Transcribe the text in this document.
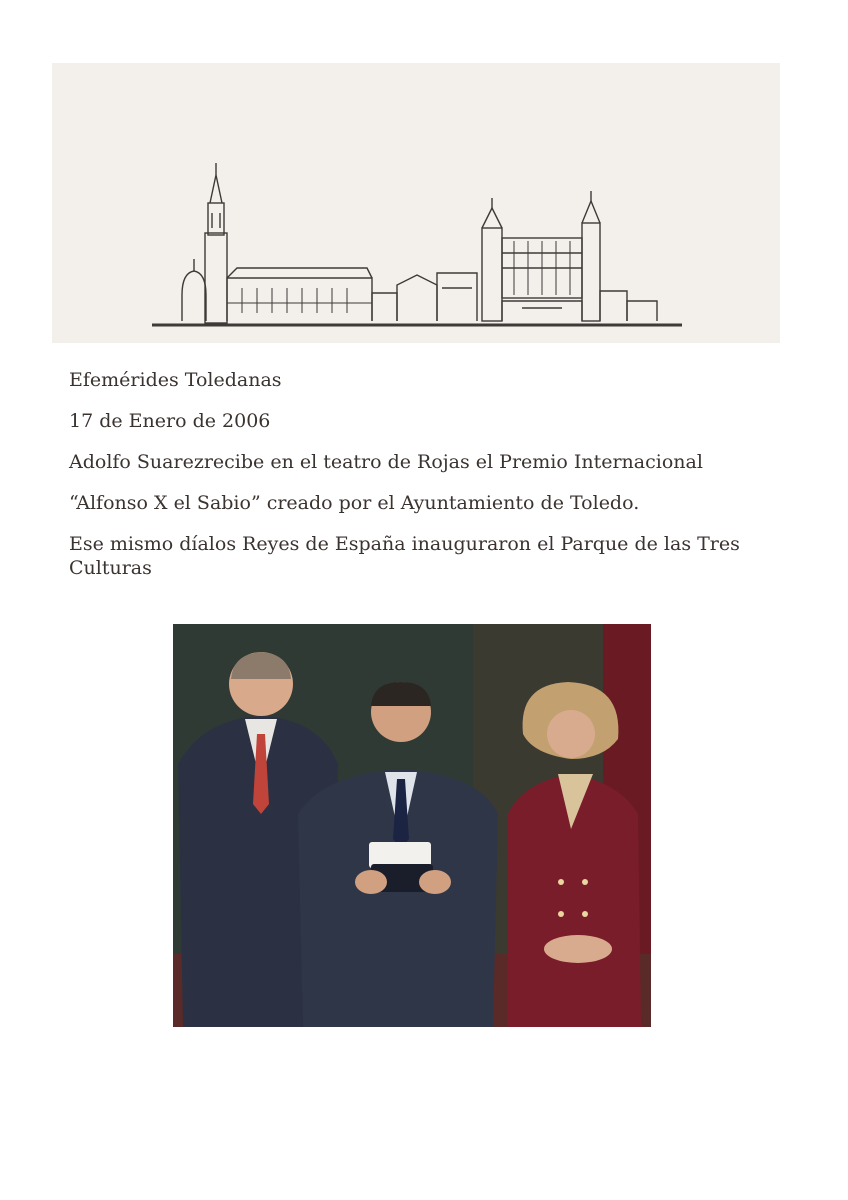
Efemérides Toledanas

17 de Enero de 2006

Adolfo Suarezrecibe en el teatro de Rojas el Premio Internacional

“Alfonso X el Sabio” creado por el Ayuntamiento de Toledo.

Ese mismo díalos Reyes de España inauguraron el Parque de las Tres Culturas
